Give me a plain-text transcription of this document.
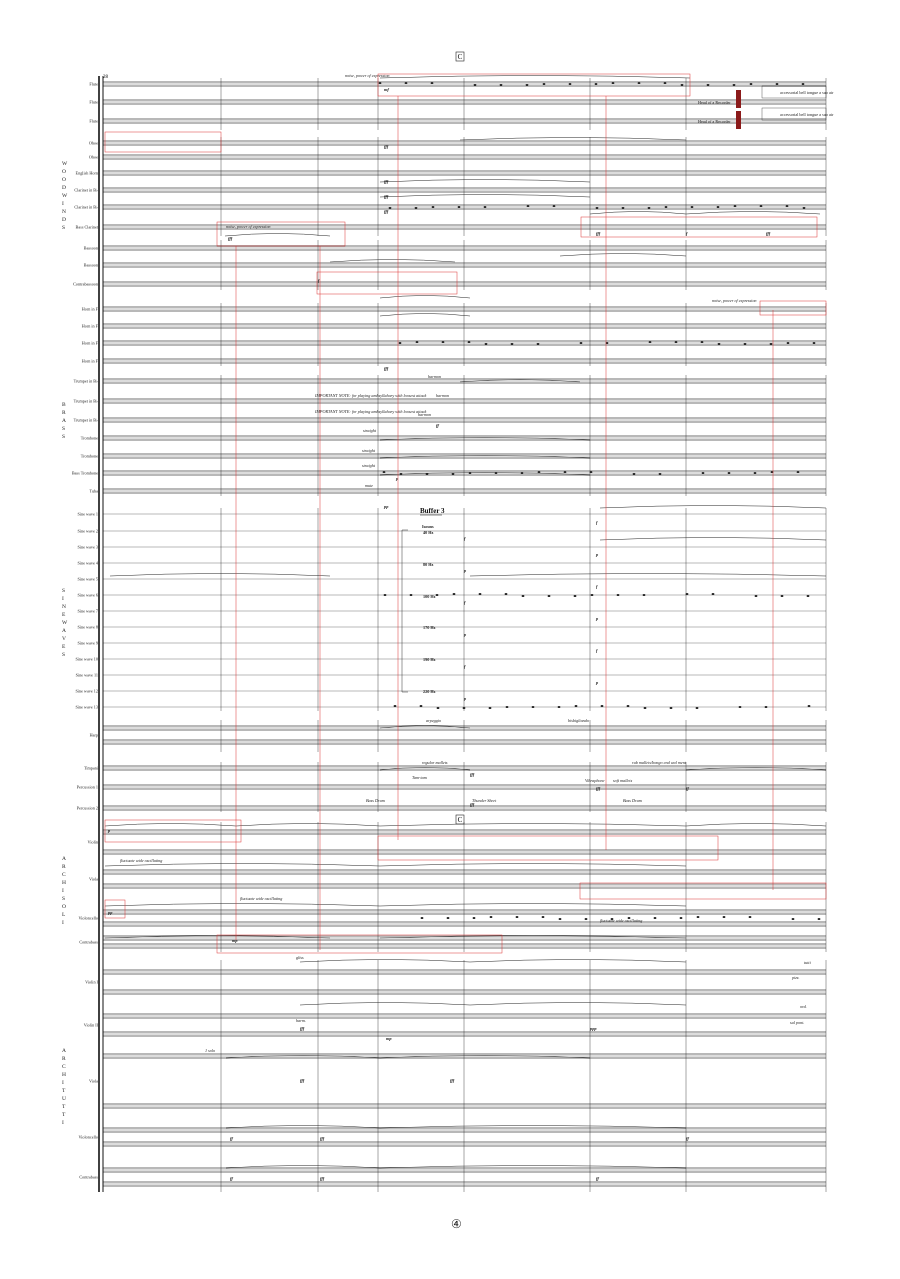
C
28
Flute
Flute
Flute
Oboe
Oboe
English Horn
Clarinet in B♭
Clarinet in B♭
Bass Clarinet
Bassoon
Bassoon
Contrabassoon
Horn in F
Horn in F
Horn in F
Horn in F
Trumpet in B♭
Trumpet in B♭
Trumpet in B♭
Trombone
Trombone
Bass Trombone
Tuba
Sine wave 1
Sine wave 2
Sine wave 3
Sine wave 4
Sine wave 5
Sine wave 6
Sine wave 7
Sine wave 8
Sine wave 9
Sine wave 10
Sine wave 11
Sine wave 12
Sine wave 13
Harp
Timpani
Percussion 1
Percussion 2
Violin
Viola
Violoncello
Contrabass
Violin I
Violin II
Viola
Violoncello
Contrabass
W O O D W I N D S
B R A S S
S I N E W A V E S
A R C H I S O L I
A R C H I T U T T I
mf
fff
fff
fff
fff
fff
f
fff	f	fff
fff
ff
p
pp
f
p
f
p
f
p
f
p
f
p
f
p
fff
fff
fff	ff
p
pp
mp
fff
fff
ff	fff
ff	fff
mp
fff
ppp
ff
ff
C
Buffer 3
Isouns
40 Hz
80 Hz
100 Hz
170 Hz
190 Hz
220 Hz
Head of a Recorder
Head of a Recorder
accessorial bell tongue a suo air
accessorial bell tongue a suo air
noise, power of expression
noise, power of expression
noise, power of expression
IMPORTANT NOTE: for playing ambsyllabary with loosest attack
IMPORTANT NOTE: for playing ambsyllabary with loosest attack
straight
straight
straight
harmon
harmon
harmon
mute
arpeggio	bisbigliando
regular mallets
Tam-tam
Thunder Sheet
Bass Drum
Vibraphone soft mallets
Bass Drum
rub mallets/bongo end wal ment
1 solo
gliss
harm.
pizz.
sul pont.
tutti
ord.
fluctuate wide oscillating
fluctuate wide oscillating
fluctuate wide oscillating
④
